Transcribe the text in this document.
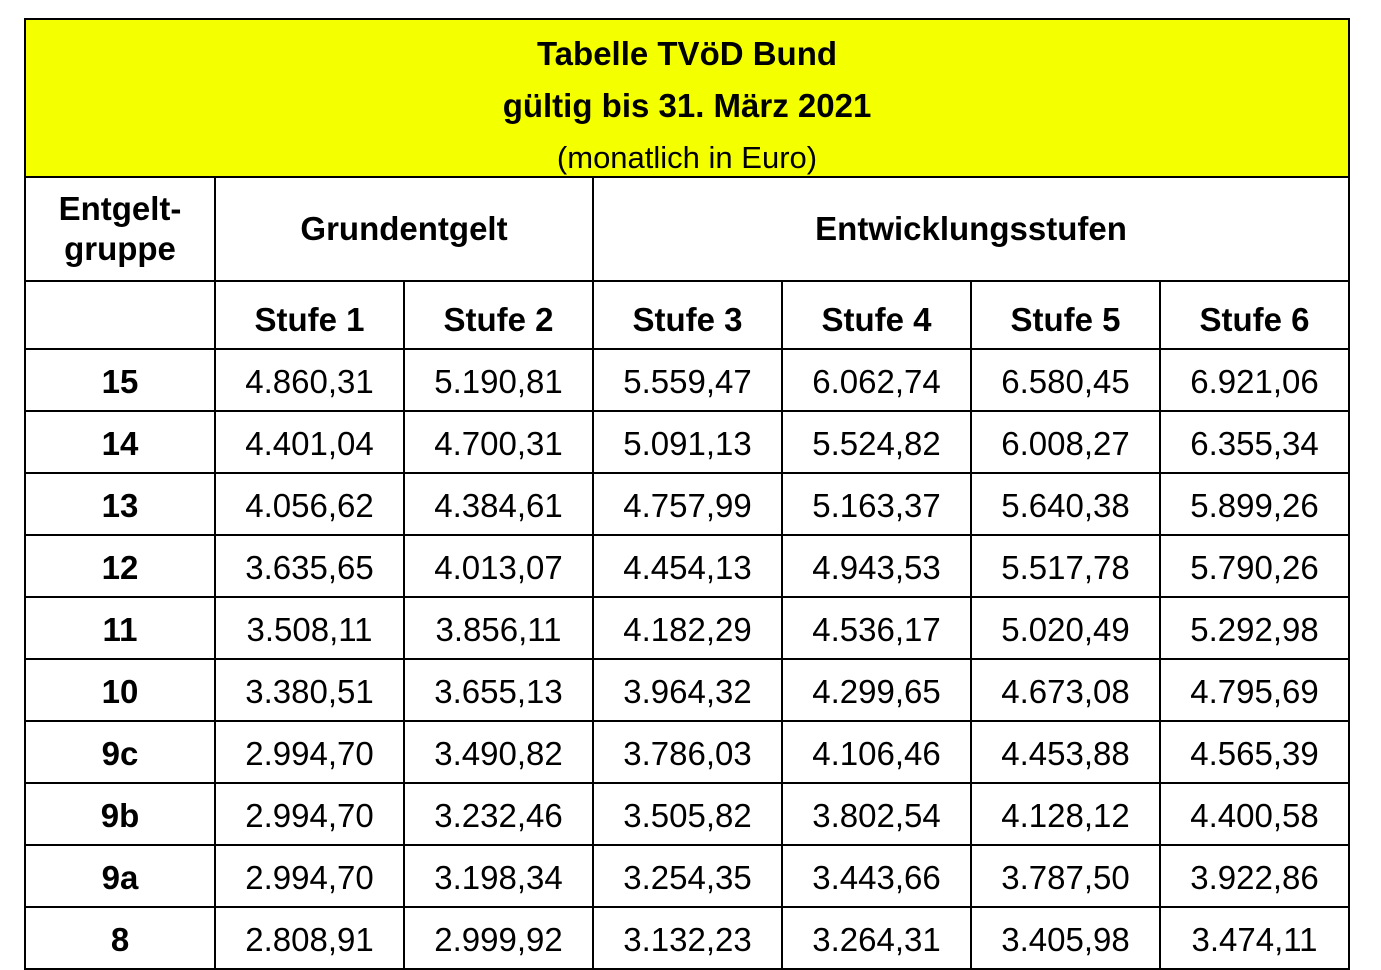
Tabelle TVöD Bund
gültig bis 31. März 2021
(monatlich in Euro)
Entgelt-
gruppe	Grundentgelt		Entwicklungsstufen			
	Stufe 1	Stufe 2	Stufe 3	Stufe 4	Stufe 5	Stufe 6
15	4.860,31	5.190,81	5.559,47	6.062,74	6.580,45	6.921,06
14	4.401,04	4.700,31	5.091,13	5.524,82	6.008,27	6.355,34
13	4.056,62	4.384,61	4.757,99	5.163,37	5.640,38	5.899,26
12	3.635,65	4.013,07	4.454,13	4.943,53	5.517,78	5.790,26
11	3.508,11	3.856,11	4.182,29	4.536,17	5.020,49	5.292,98
10	3.380,51	3.655,13	3.964,32	4.299,65	4.673,08	4.795,69
9c	2.994,70	3.490,82	3.786,03	4.106,46	4.453,88	4.565,39
9b	2.994,70	3.232,46	3.505,82	3.802,54	4.128,12	4.400,58
9a	2.994,70	3.198,34	3.254,35	3.443,66	3.787,50	3.922,86
8	2.808,91	2.999,92	3.132,23	3.264,31	3.405,98	3.474,11
